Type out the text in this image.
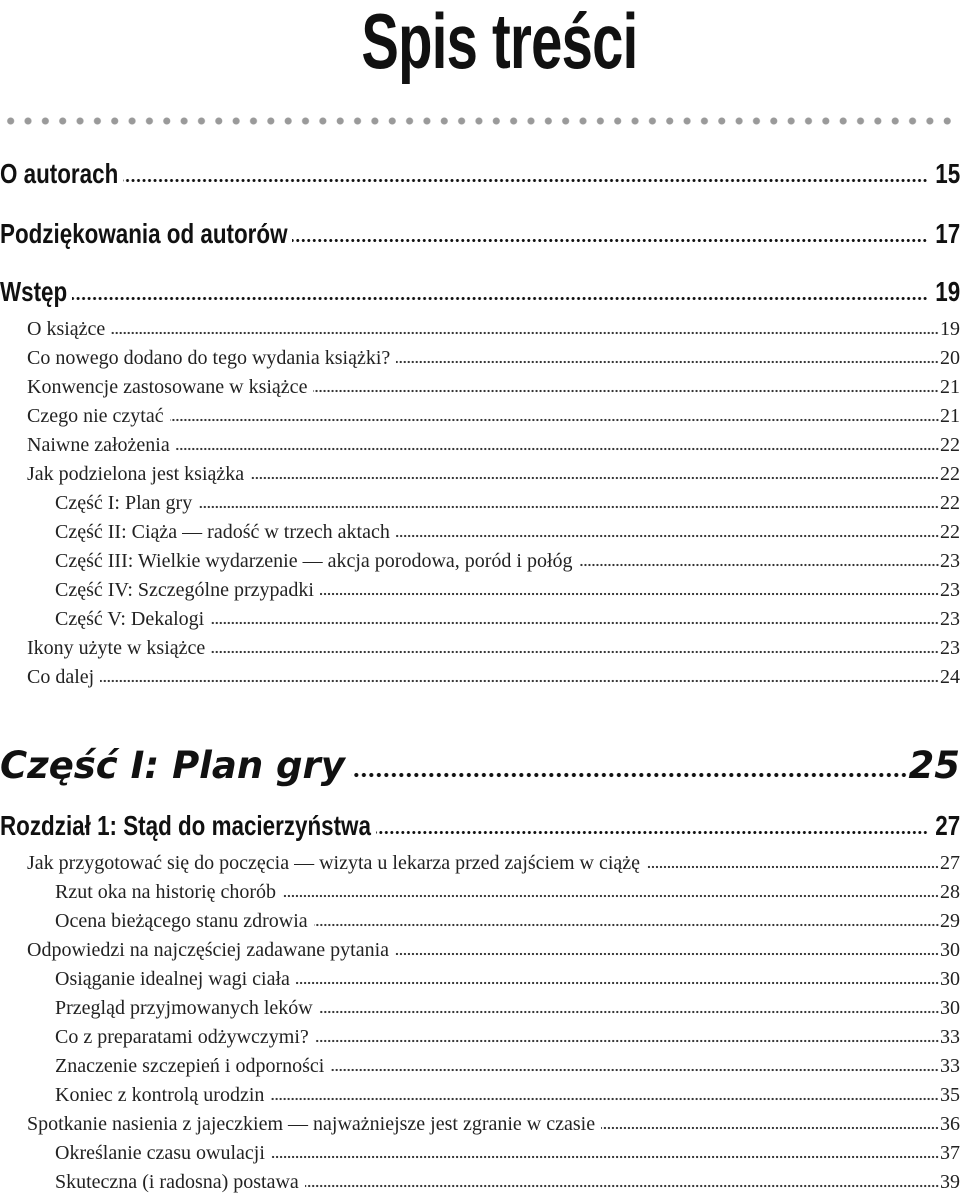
Spis treści
O autorach	15
Podziękowania od autorów	17
Wstęp	19
O książce	19
Co nowego dodano do tego wydania książki?	20
Konwencje zastosowane w książce	21
Czego nie czytać	21
Naiwne założenia	22
Jak podzielona jest książka	22
Część I: Plan gry	22
Część II: Ciąża — radość w trzech aktach	22
Część III: Wielkie wydarzenie — akcja porodowa, poród i połóg	23
Część IV: Szczególne przypadki	23
Część V: Dekalogi	23
Ikony użyte w książce	23
Co dalej	24
Część I: Plan gry	25
Rozdział 1: Stąd do macierzyństwa	27
Jak przygotować się do poczęcia — wizyta u lekarza przed zajściem w ciążę	27
Rzut oka na historię chorób	28
Ocena bieżącego stanu zdrowia	29
Odpowiedzi na najczęściej zadawane pytania	30
Osiąganie idealnej wagi ciała	30
Przegląd przyjmowanych leków	30
Co z preparatami odżywczymi?	33
Znaczenie szczepień i odporności	33
Koniec z kontrolą urodzin	35
Spotkanie nasienia z jajeczkiem — najważniejsze jest zgranie w czasie	36
Określanie czasu owulacji	37
Skuteczna (i radosna) postawa	39
